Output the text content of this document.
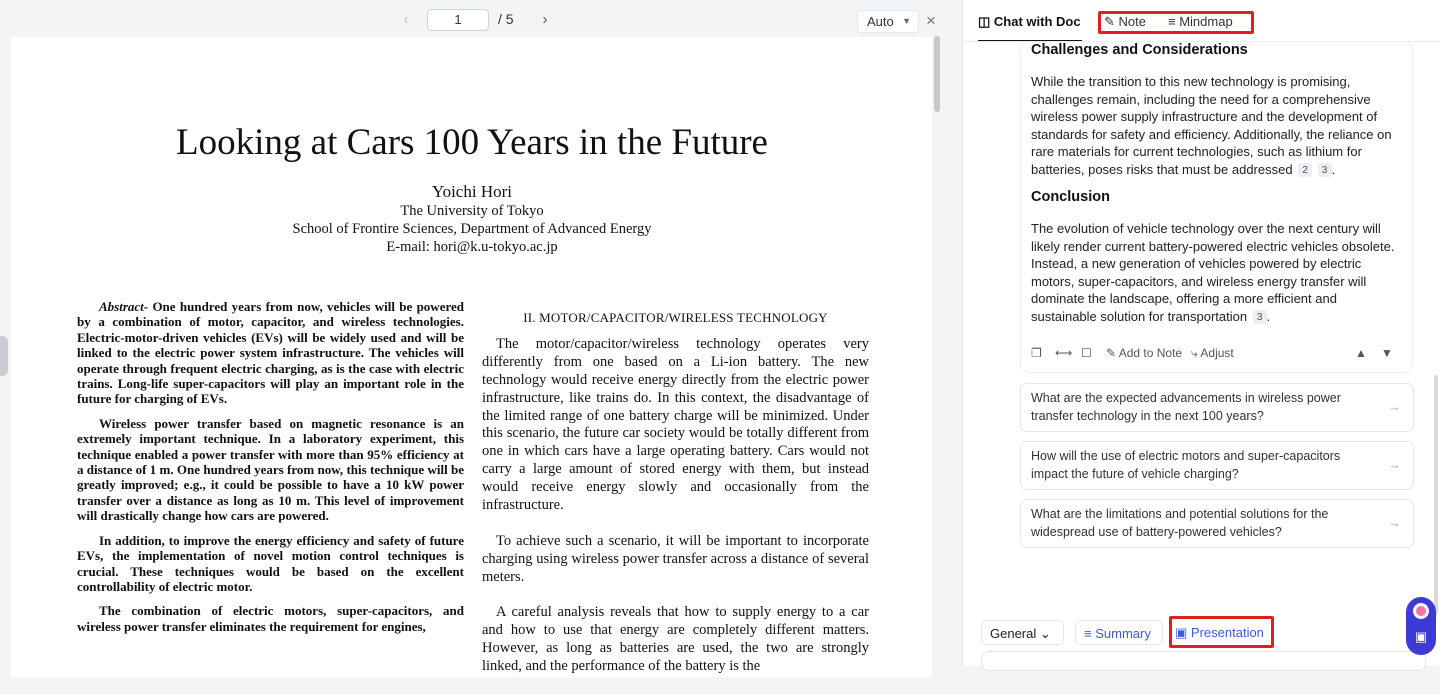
‹	1	/ 5	›	Auto ▼ ×
Looking at Cars 100 Years in the Future
Yoichi Hori
The University of Tokyo
School of Frontire Sciences, Department of Advanced Energy
E-mail: hori@k.u-tokyo.ac.jp

Abstract- One hundred years from now, vehicles will be powered by a combination of motor, capacitor, and wireless technologies. Electric-motor-driven vehicles (EVs) will be widely used and will be linked to the electric power system infrastructure. The vehicles will operate through frequent electric charging, as is the case with electric trains. Long-life super-capacitors will play an important role in the future for charging of EVs.

Wireless power transfer based on magnetic resonance is an extremely important technique. In a laboratory experiment, this technique enabled a power transfer with more than 95% efficiency at a distance of 1 m. One hundred years from now, this technique will be greatly improved; e.g., it could be possible to have a 10 kW power transfer over a distance as long as 10 m. This level of improvement will drastically change how cars are powered.

In addition, to improve the energy efficiency and safety of future EVs, the implementation of novel motion control techniques is crucial. These techniques would be based on the excellent controllability of electric motor.

The combination of electric motors, super-capacitors, and wireless power transfer eliminates the requirement for engines,

II. MOTOR/CAPACITOR/WIRELESS TECHNOLOGY

The motor/capacitor/wireless technology operates very differently from one based on a Li-ion battery. The new technology would receive energy directly from the electric power infrastructure, like trains do. In this context, the disadvantage of the limited range of one battery charge will be minimized. Under this scenario, the future car society would be totally different from one in which cars have a large operating battery. Cars would not carry a large amount of stored energy with them, but instead would receive energy slowly and occasionally from the infrastructure.

To achieve such a scenario, it will be important to incorporate charging using wireless power transfer across a distance of several meters.

A careful analysis reveals that how to supply energy to a car and how to use that energy are completely different matters. However, as long as batteries are used, the two are strongly linked, and the performance of the battery is the

◫ Chat with Doc ✎ Note ≡ Mindmap
Challenges and Considerations

While the transition to this new technology is promising, challenges remain, including the need for a comprehensive wireless power supply infrastructure and the development of standards for safety and efficiency. Additionally, the reliance on rare materials for current technologies, such as lithium for batteries, poses risks that must be addressed 2 3 .

Conclusion

The evolution of vehicle technology over the next century will likely render current battery-powered electric vehicles obsolete. Instead, a new generation of vehicles powered by electric motors, super-capacitors, and wireless energy transfer will dominate the landscape, offering a more efficient and sustainable solution for transportation 3 .

❐ ⟷ ☐ ✎ Add to Note ⤷ Adjust	▲ ▼
What are the expected advancements in wireless power transfer technology in the next 100 years?
→
How will the use of electric motors and super-capacitors impact the future of vehicle charging?
→
What are the limitations and potential solutions for the widespread use of battery-powered vehicles?
→
General ⌄	≡ Summary	▣ Presentation	▣
